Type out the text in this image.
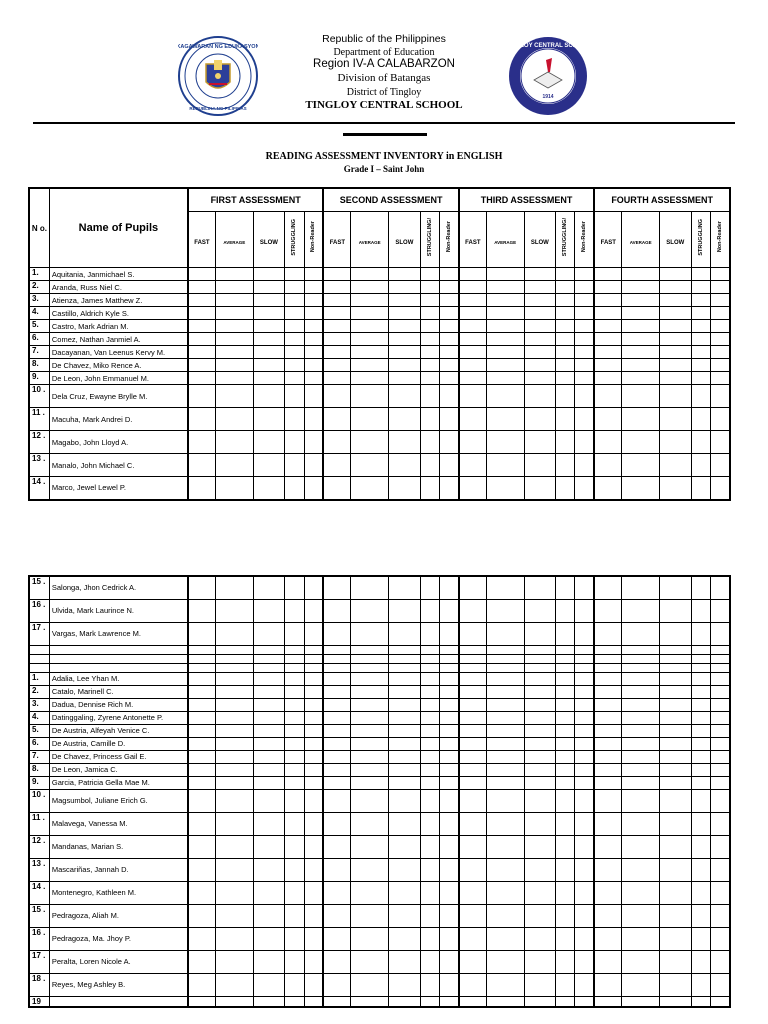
KAGAWARAN NG EDUKASYON
REPUBLIKA NG PILIPINAS
TINGLOY CENTRAL SCHOOL
1914
Republic of the Philippines
Department of Education
Region IV-A CALABARZON
Division of Batangas
District of Tingloy
TINGLOY CENTRAL SCHOOL
READING ASSESSMENT INVENTORY in ENGLISH
Grade I – Saint John
N o.	Name of Pupils	FIRST ASSESSMENT					SECOND ASSESSMENT					THIRD ASSESSMENT					FOURTH ASSESSMENT				
		FAST	AVERAGE	SLOW	STRUGGLING	Non-Reader	FAST	AVERAGE	SLOW	STRUGGLING/	Non-Reader	FAST	AVERAGE	SLOW	STRUGGLING/	Non-Reader	FAST	AVERAGE	SLOW	STRUGGLING	Non-Reader
1.	Aquitania, Janmichael S.																				
2.	Aranda, Russ Niel C.																				
3.	Atienza, James Matthew Z.																				
4.	Castillo, Aldrich Kyle S.																				
5.	Castro, Mark Adrian M.																				
6.	Comez, Nathan Janmiel A.																				
7.	Dacayanan, Van Leenus Kervy M.																				
8.	De Chavez, Miko Rence A.																				
9.	De Leon, John Emmanuel M.																				
10 .	Dela Cruz, Ewayne Brylle M.																				
11 .	Macuha, Mark Andrei D.																				
12 .	Magabo, John Lloyd A.																				
13 .	Manalo, John Michael C.																				
14 .	Marco, Jewel Lewel P.																				
15 .	Salonga, Jhon Cedrick A.																				
16 .	Ulvida, Mark Laurince N.																				
17 .	Vargas, Mark Lawrence M.																				

1.	Adalia, Lee Yhan M.																				
2.	Catalo, Marinell C.																				
3.	Dadua, Dennise Rich M.																				
4.	Datinggaling, Zyrene Antonette P.																				
5.	De Austria, Alfeyah Venice C.																				
6.	De Austria, Camille D.																				
7.	De Chavez, Princess Gail E.																				
8.	De Leon, Jamica C.																				
9.	Garcia, Patricia Gella Mae M.																				
10 .	Magsumbol, Juliane Erich G.																				
11 .	Malavega, Vanessa M.																				
12 .	Mandanas, Marian S.																				
13 .	Mascariñas, Jannah D.																				
14 .	Montenegro, Kathleen M.																				
15 .	Pedragoza, Aliah M.																				
16 .	Pedragoza, Ma. Jhoy P.																				
17 .	Peralta, Loren Nicole A.																				
18 .	Reyes, Meg Ashley B.																				
19																					
